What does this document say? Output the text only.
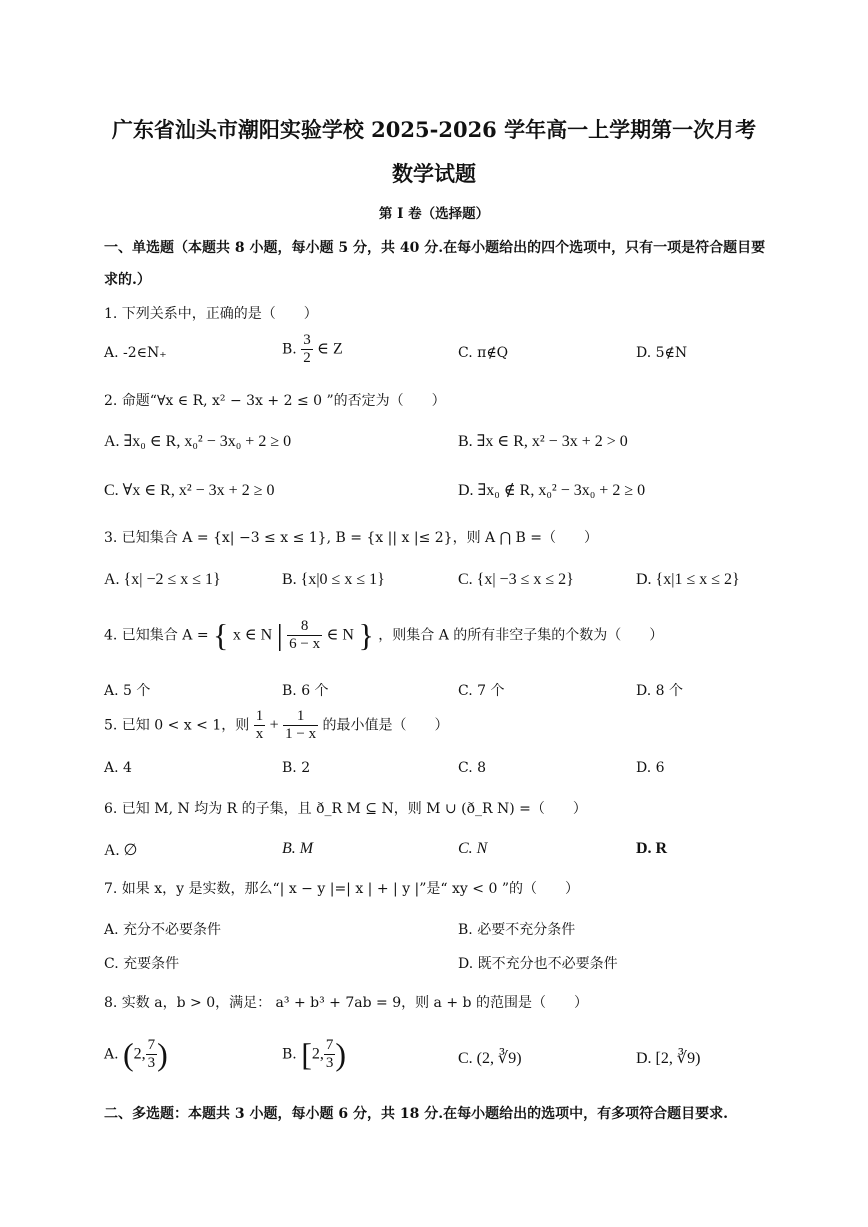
广东省汕头市潮阳实验学校 2025-2026 学年高一上学期第一次月考
数学试题
第 I 卷（选择题）
一、单选题（本题共 8 小题，每小题 5 分，共 40 分.在每小题给出的四个选项中，只有一项是符合题目要求的.）
1. 下列关系中，正确的是（　　）
A. -2∈N₊	B. $\frac{3}{2}$ ∈ Z	C. π∉Q	D. 5∉N
2. 命题“∀x ∈ R, x² − 3x + 2 ≤ 0 ”的否定为（　　）
A. ∃x₀ ∈ R, x₀² − 3x₀ + 2 ≥ 0	B. ∃x ∈ R, x² − 3x + 2 > 0
C. ∀x ∈ R, x² − 3x + 2 ≥ 0	D. ∃x₀ ∉ R, x₀² − 3x₀ + 2 ≥ 0
3. 已知集合 A = {x| −3 ≤ x ≤ 1}, B = {x || x |≤ 2}，则 A ⋂ B =（　　）
A. {x| −2 ≤ x ≤ 1}	B. {x|0 ≤ x ≤ 1}	C. {x| −3 ≤ x ≤ 2}	D. {x|1 ≤ x ≤ 2}
4. 已知集合 A = { x ∈ N | $\frac{8}{6 - x}$ ∈ N } ，则集合 A 的所有非空子集的个数为（　　）
A. 5 个	B. 6 个	C. 7 个	D. 8 个
5. 已知 0 < x < 1，则 $\frac{1}{x} + \frac{1}{1 - x}$ 的最小值是（　　）
A. 4	B. 2	C. 8	D. 6
6. 已知 M, N 均为 R 的子集，且 ð_R M ⊆ N，则 M ∪ (ð_R N) =（　　）
A. ∅	B. M	C. N	D. R
7. 如果 x，y 是实数，那么“| x − y |=| x | + | y |”是“ xy < 0 ”的（　　）
A. 充分不必要条件	B. 必要不充分条件
C. 充要条件	D. 既不充分也不必要条件
8. 实数 a，b > 0，满足： a³ + b³ + 7ab = 9，则 a + b 的范围是（　　）
A. (2, $\frac{7}{3}$ )	B. [2, $\frac{7}{3}$ )	C. (2, ∛9)	D. [2, ∛9)
二、多选题：本题共 3 小题，每小题 6 分，共 18 分.在每小题给出的选项中，有多项符合题目要求.
